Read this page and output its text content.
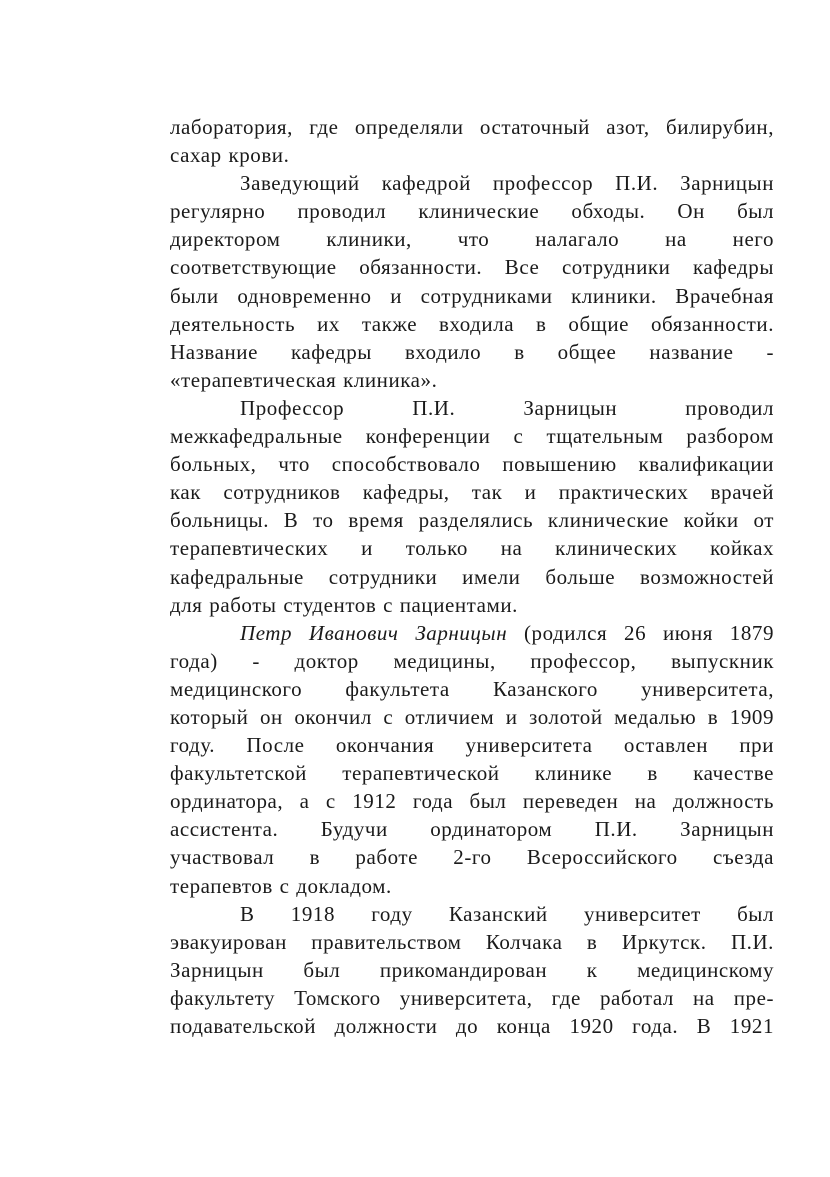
лаборатория, где определяли остаточный азот, билирубин,
сахар крови.
Заведующий кафедрой профессор П.И. Зарницын
регулярно проводил клинические обходы. Он был
директором клиники, что налагало на него
соответствующие обязанности. Все сотрудники кафедры
были одновременно и сотрудниками клиники. Врачебная
деятельность их также входила в общие обязанности.
Название кафедры входило в общее название -
«терапевтическая клиника».
Профессор П.И. Зарницын проводил
межкафедральные конференции с тщательным разбором
больных, что способствовало повышению квалификации
как сотрудников кафедры, так и практических врачей
больницы. В то время разделялись клинические койки от
терапевтических и только на клинических койках
кафедральные сотрудники имели больше возможностей
для работы студентов с пациентами.
Петр Иванович Зарницын (родился 26 июня 1879
года) - доктор медицины, профессор, выпускник
медицинского факультета Казанского университета,
который он окончил с отличием и золотой медалью в 1909
году. После окончания университета оставлен при
факультетской терапевтической клинике в качестве
ординатора, а с 1912 года был переведен на должность
ассистента. Будучи ординатором П.И. Зарницын
участвовал в работе 2-го Всероссийского съезда
терапевтов с докладом.
В 1918 году Казанский университет был
эвакуирован правительством Колчака в Иркутск. П.И.
Зарницын был прикомандирован к медицинскому
факультету Томского университета, где работал на пре-
подавательской должности до конца 1920 года. В 1921
